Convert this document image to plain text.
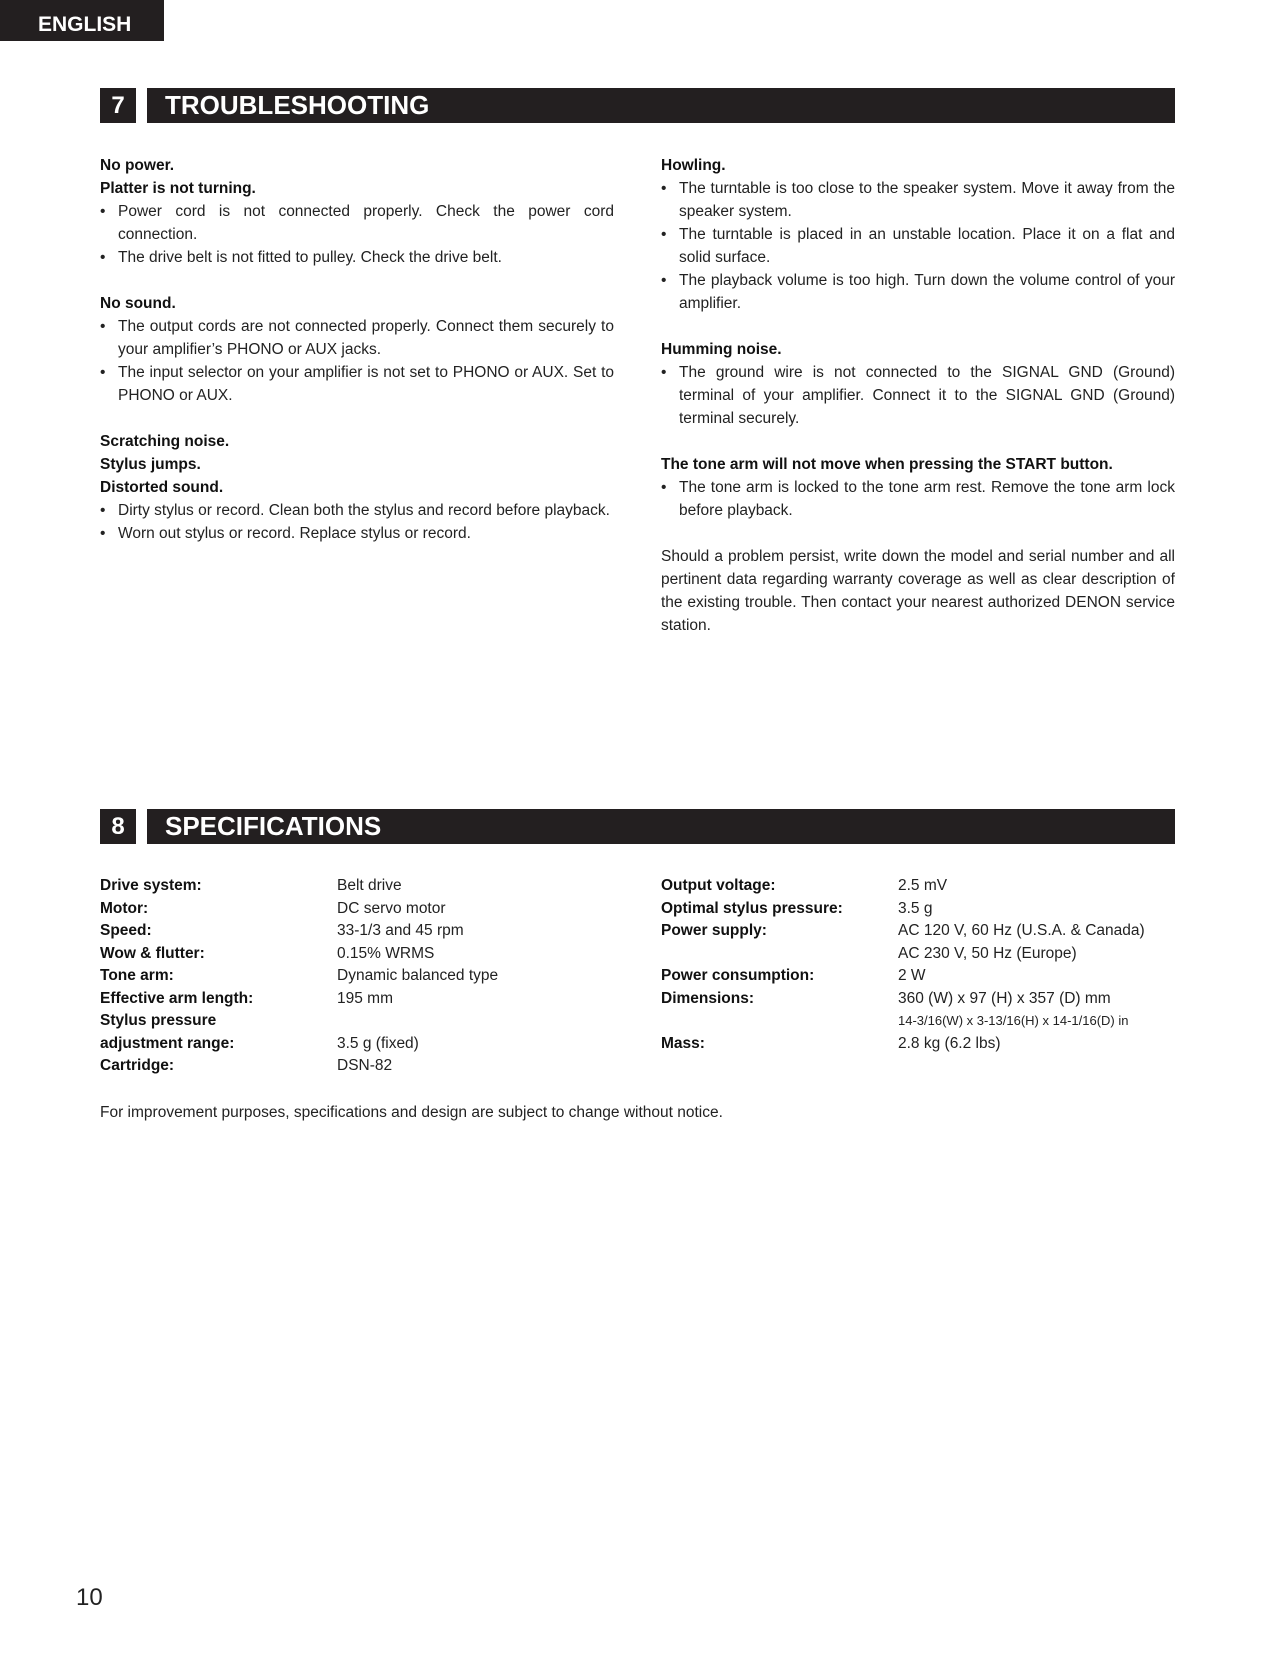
ENGLISH
7	TROUBLESHOOTING
No power.
Platter is not turning.
• Power cord is not connected properly. Check the power cord connection.
• The drive belt is not fitted to pulley. Check the drive belt.
No sound.
• The output cords are not connected properly. Connect them securely to your amplifier’s PHONO or AUX jacks.
• The input selector on your amplifier is not set to PHONO or AUX. Set to PHONO or AUX.
Scratching noise.
Stylus jumps.
Distorted sound.
• Dirty stylus or record. Clean both the stylus and record before playback.
• Worn out stylus or record. Replace stylus or record.
Howling.
• The turntable is too close to the speaker system. Move it away from the speaker system.
• The turntable is placed in an unstable location. Place it on a flat and solid surface.
• The playback volume is too high. Turn down the volume control of your amplifier.
Humming noise.
• The ground wire is not connected to the SIGNAL GND (Ground) terminal of your amplifier. Connect it to the SIGNAL GND (Ground) terminal securely.
The tone arm will not move when pressing the START button.
• The tone arm is locked to the tone arm rest. Remove the tone arm lock before playback.

Should a problem persist, write down the model and serial number and all pertinent data regarding warranty coverage as well as clear description of the existing trouble. Then contact your nearest authorized DENON service station.

8	SPECIFICATIONS
Drive system:	Belt drive
Motor:	DC servo motor
Speed:	33-1/3 and 45 rpm
Wow & flutter:	0.15% WRMS
Tone arm:	Dynamic balanced type
Effective arm length:	195 mm
Stylus pressure
adjustment range:	3.5 g (fixed)
Cartridge:	DSN-82
Output voltage:	2.5 mV
Optimal stylus pressure:	3.5 g
Power supply:	AC 120 V, 60 Hz (U.S.A. & Canada)
AC 230 V, 50 Hz (Europe)
Power consumption:	2 W
Dimensions:	360 (W) x 97 (H) x 357 (D) mm
14-3/16(W) x 3-13/16(H) x 14-1/16(D) in
Mass:	2.8 kg (6.2 lbs)
For improvement purposes, specifications and design are subject to change without notice.
10
